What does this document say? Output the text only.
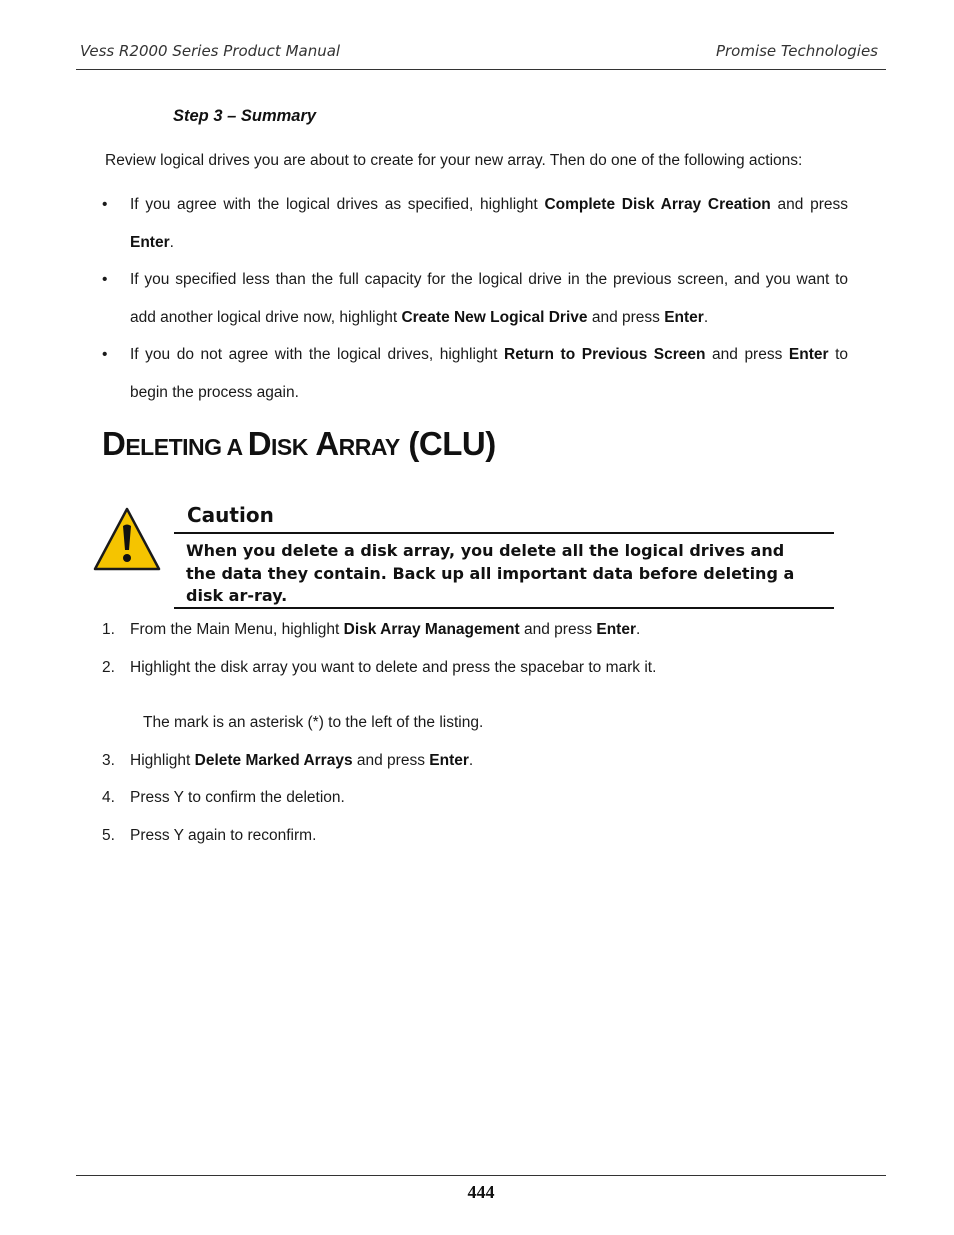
Vess R2000 Series Product Manual	Promise Technologies
Step 3 – Summary
Review logical drives you are about to create for your new array. Then do one of the following actions:
• If you agree with the logical drives as specified, highlight Complete Disk Array Creation and press Enter.
• If you specified less than the full capacity for the logical drive in the previous screen, and you want to add another logical drive now, highlight Create New Logical Drive and press Enter.
• If you do not agree with the logical drives, highlight Return to Previous Screen and press Enter to begin the process again.
DELETING A DISK ARRAY (CLU)
Caution
When you delete a disk array, you delete all the logical drives and the data they contain. Back up all important data before deleting a disk ar-ray.
1. From the Main Menu, highlight Disk Array Management and press Enter.
2. Highlight the disk array you want to delete and press the spacebar to mark it.
The mark is an asterisk (*) to the left of the listing.
3. Highlight Delete Marked Arrays and press Enter.
4. Press Y to confirm the deletion.
5. Press Y again to reconfirm.
444
